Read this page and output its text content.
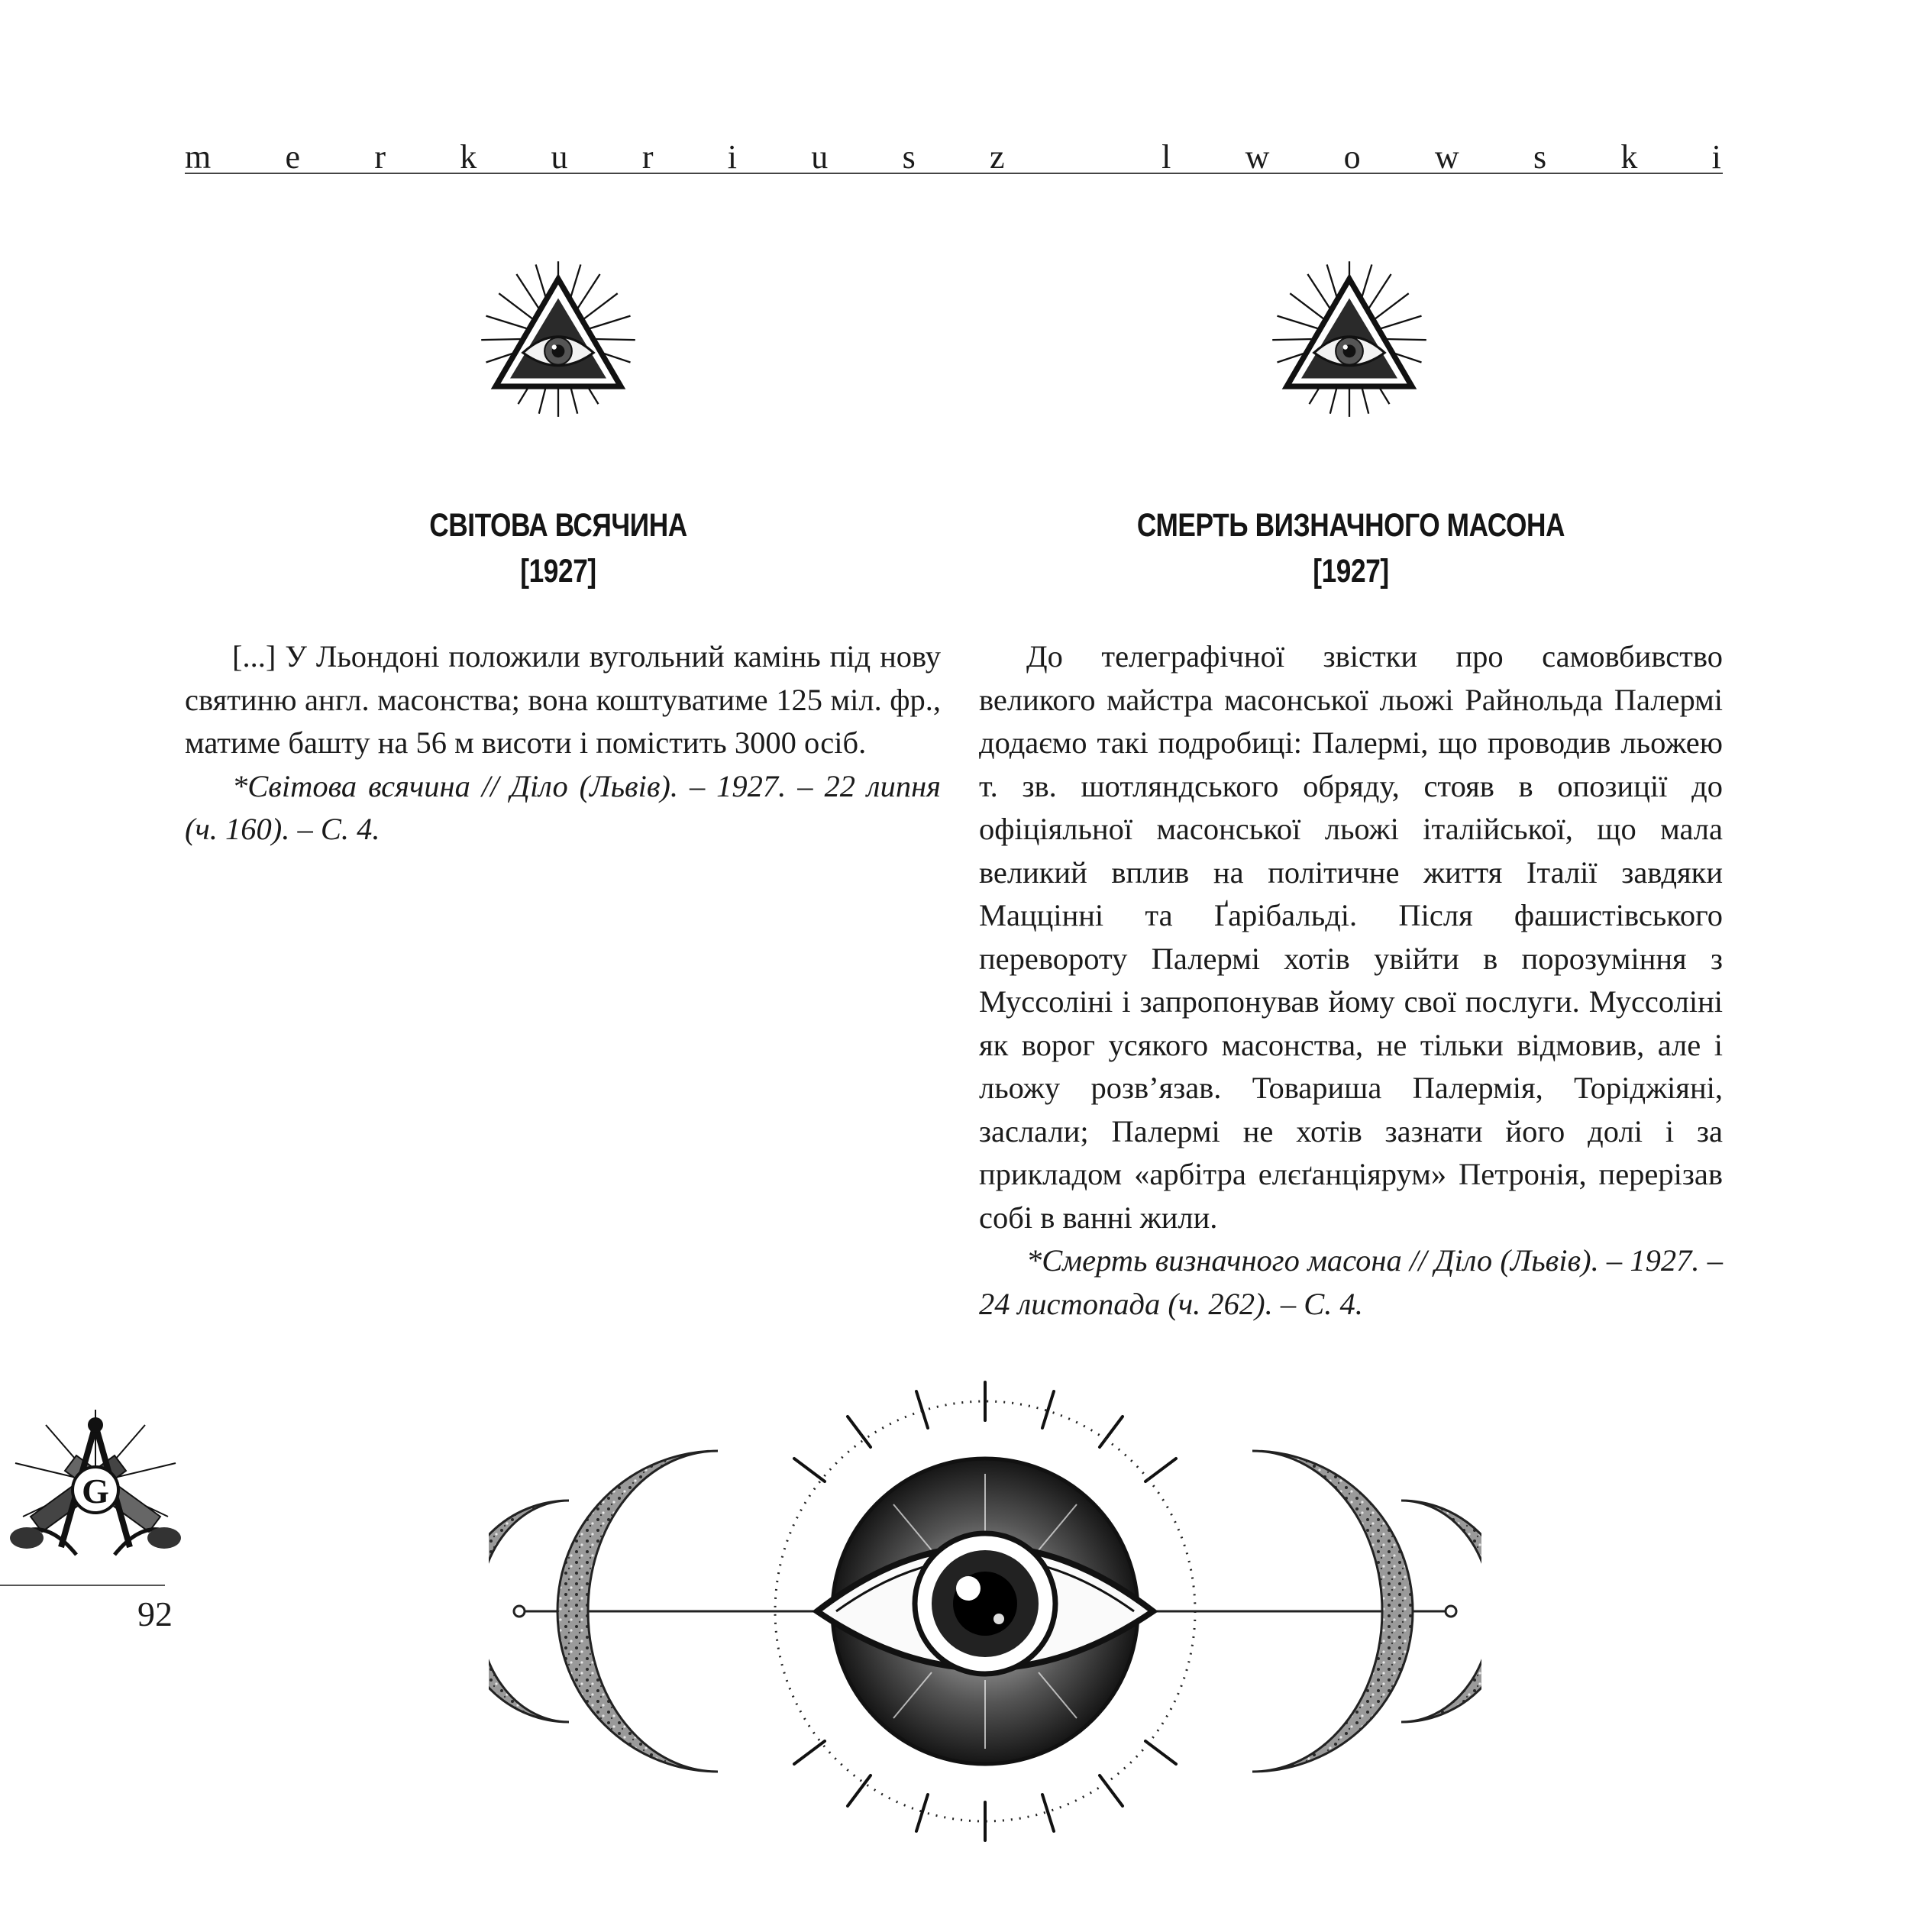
m e r k u r i u s z
	l w o w s k i
СВІТОВА ВСЯЧИНА
[1927]

[...] У Льондоні положили вугольний камінь під нову святиню англ. масонства; вона коштуватиме 125 міл. фр., матиме башту на 56 м висоти і помістить 3000 осіб.

*Світова всячина // Діло (Львів). – 1927. – 22 липня (ч. 160). – С. 4.

СМЕРТЬ ВИЗНАЧНОГО МАСОНА
[1927]

До телеграфічної звістки про самовбивство великого майстра масонської льожі Райнольда Палермі додаємо такі подробиці: Палермі, що проводив льожею т. зв. шотляндського обряду, стояв в опозиції до офіціяльної масонської льожі італійської, що мала великий вплив на політичне життя Італії завдяки Маццінні та Ґарібальді. Після фашистівського перевороту Палермі хотів увійти в порозуміння з Муссоліні і запропонував йому свої послуги. Муссоліні як ворог усякого масонства, не тільки відмовив, але і льожу розв’язав. Товариша Палермія, Торіджіяні, заслали; Палермі не хотів зазнати його долі і за прикладом «арбітра елєґанціярум» Петронія, перерізав собі в ванні жили.

*Смерть визначного масона // Діло (Львів). – 1927. – 24 листопада (ч. 262). – С. 4.

G
92
